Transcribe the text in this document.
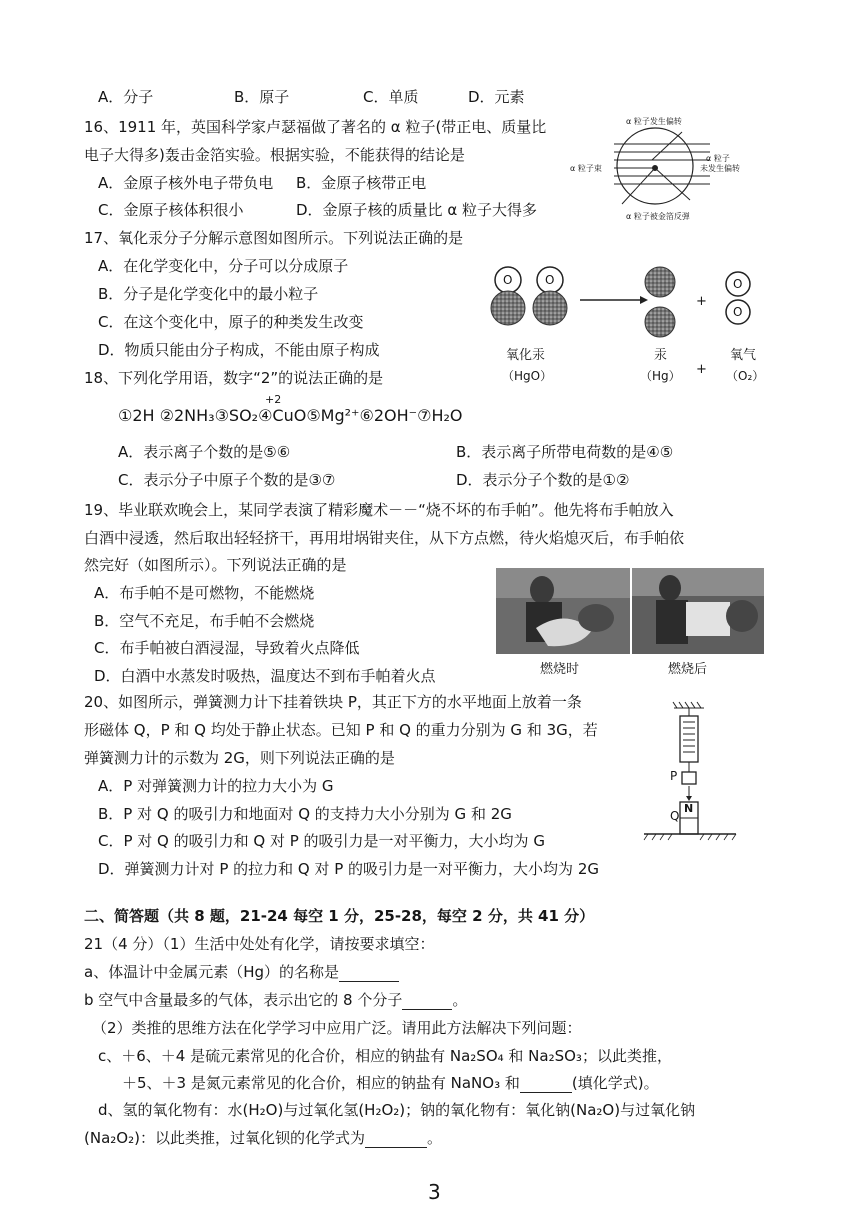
A．分子	B．原子	C．单质	D．元素
16、1911 年，英国科学家卢瑟福做了著名的 α 粒子(带正电、质量比
电子大得多)轰击金箔实验。根据实验，不能获得的结论是
A．金原子核外电子带负电 B．金原子核带正电
C．金原子核体积很小	D．金原子核的质量比 α 粒子大得多
α 粒子发生偏转
α 粒子束
α 粒子
未发生偏转
α 粒子被金箔反弹
17、氧化汞分子分解示意图如图所示。下列说法正确的是
A．在化学变化中，分子可以分成原子
B．分子是化学变化中的最小粒子
C．在这个变化中，原子的种类发生改变
D．物质只能由分子构成，不能由原子构成
O	O	O
O
+
氧化汞
（HgO）
汞
（Hg） +
氧气
（O₂）
18、下列化学用语，数字“2”的说法正确的是
+2
①2H ②2NH₃③SO₂④CuO⑤Mg²⁺⑥2OH⁻⑦H₂O
A．表示离子个数的是⑤⑥	B．表示离子所带电荷数的是④⑤
C．表示分子中原子个数的是③⑦	D．表示分子个数的是①②
19、毕业联欢晚会上，某同学表演了精彩魔术－－“烧不坏的布手帕”。他先将布手帕放入
白酒中浸透，然后取出轻轻挤干，再用坩埚钳夹住，从下方点燃，待火焰熄灭后，布手帕依
然完好（如图所示）。下列说法正确的是
A．布手帕不是可燃物，不能燃烧
B．空气不充足，布手帕不会燃烧
C．布手帕被白酒浸湿，导致着火点降低
D．白酒中水蒸发时吸热，温度达不到布手帕着火点	燃烧时	燃烧后
20、如图所示，弹簧测力计下挂着铁块 P，其正下方的水平地面上放着一条
形磁体 Q，P 和 Q 均处于静止状态。已知 P 和 Q 的重力分别为 G 和 3G，若
弹簧测力计的示数为 2G，则下列说法正确的是
A．P 对弹簧测力计的拉力大小为 G
B．P 对 Q 的吸引力和地面对 Q 的支持力大小分别为 G 和 2G
C．P 对 Q 的吸引力和 Q 对 P 的吸引力是一对平衡力，大小均为 G
D．弹簧测力计对 P 的拉力和 Q 对 P 的吸引力是一对平衡力，大小均为 2G
P
Q
N
二、简答题（共 8 题，21-24 每空 1 分，25-28，每空 2 分，共 41 分）
21（4 分）（1）生活中处处有化学，请按要求填空：
a、体温计中金属元素（Hg）的名称是
b 空气中含量最多的气体，表示出它的 8 个分子	。
（2）类推的思维方法在化学学习中应用广泛。请用此方法解决下列问题：
c、＋6、＋4 是硫元素常见的化合价，相应的钠盐有 Na₂SO₄ 和 Na₂SO₃；以此类推，
＋5、＋3 是氮元素常见的化合价，相应的钠盐有 NaNO₃ 和	(填化学式)。
d、氢的氧化物有：水(H₂O)与过氧化氢(H₂O₂)；钠的氧化物有：氧化钠(Na₂O)与过氧化钠
(Na₂O₂)：以此类推，过氧化钡的化学式为	。
3
